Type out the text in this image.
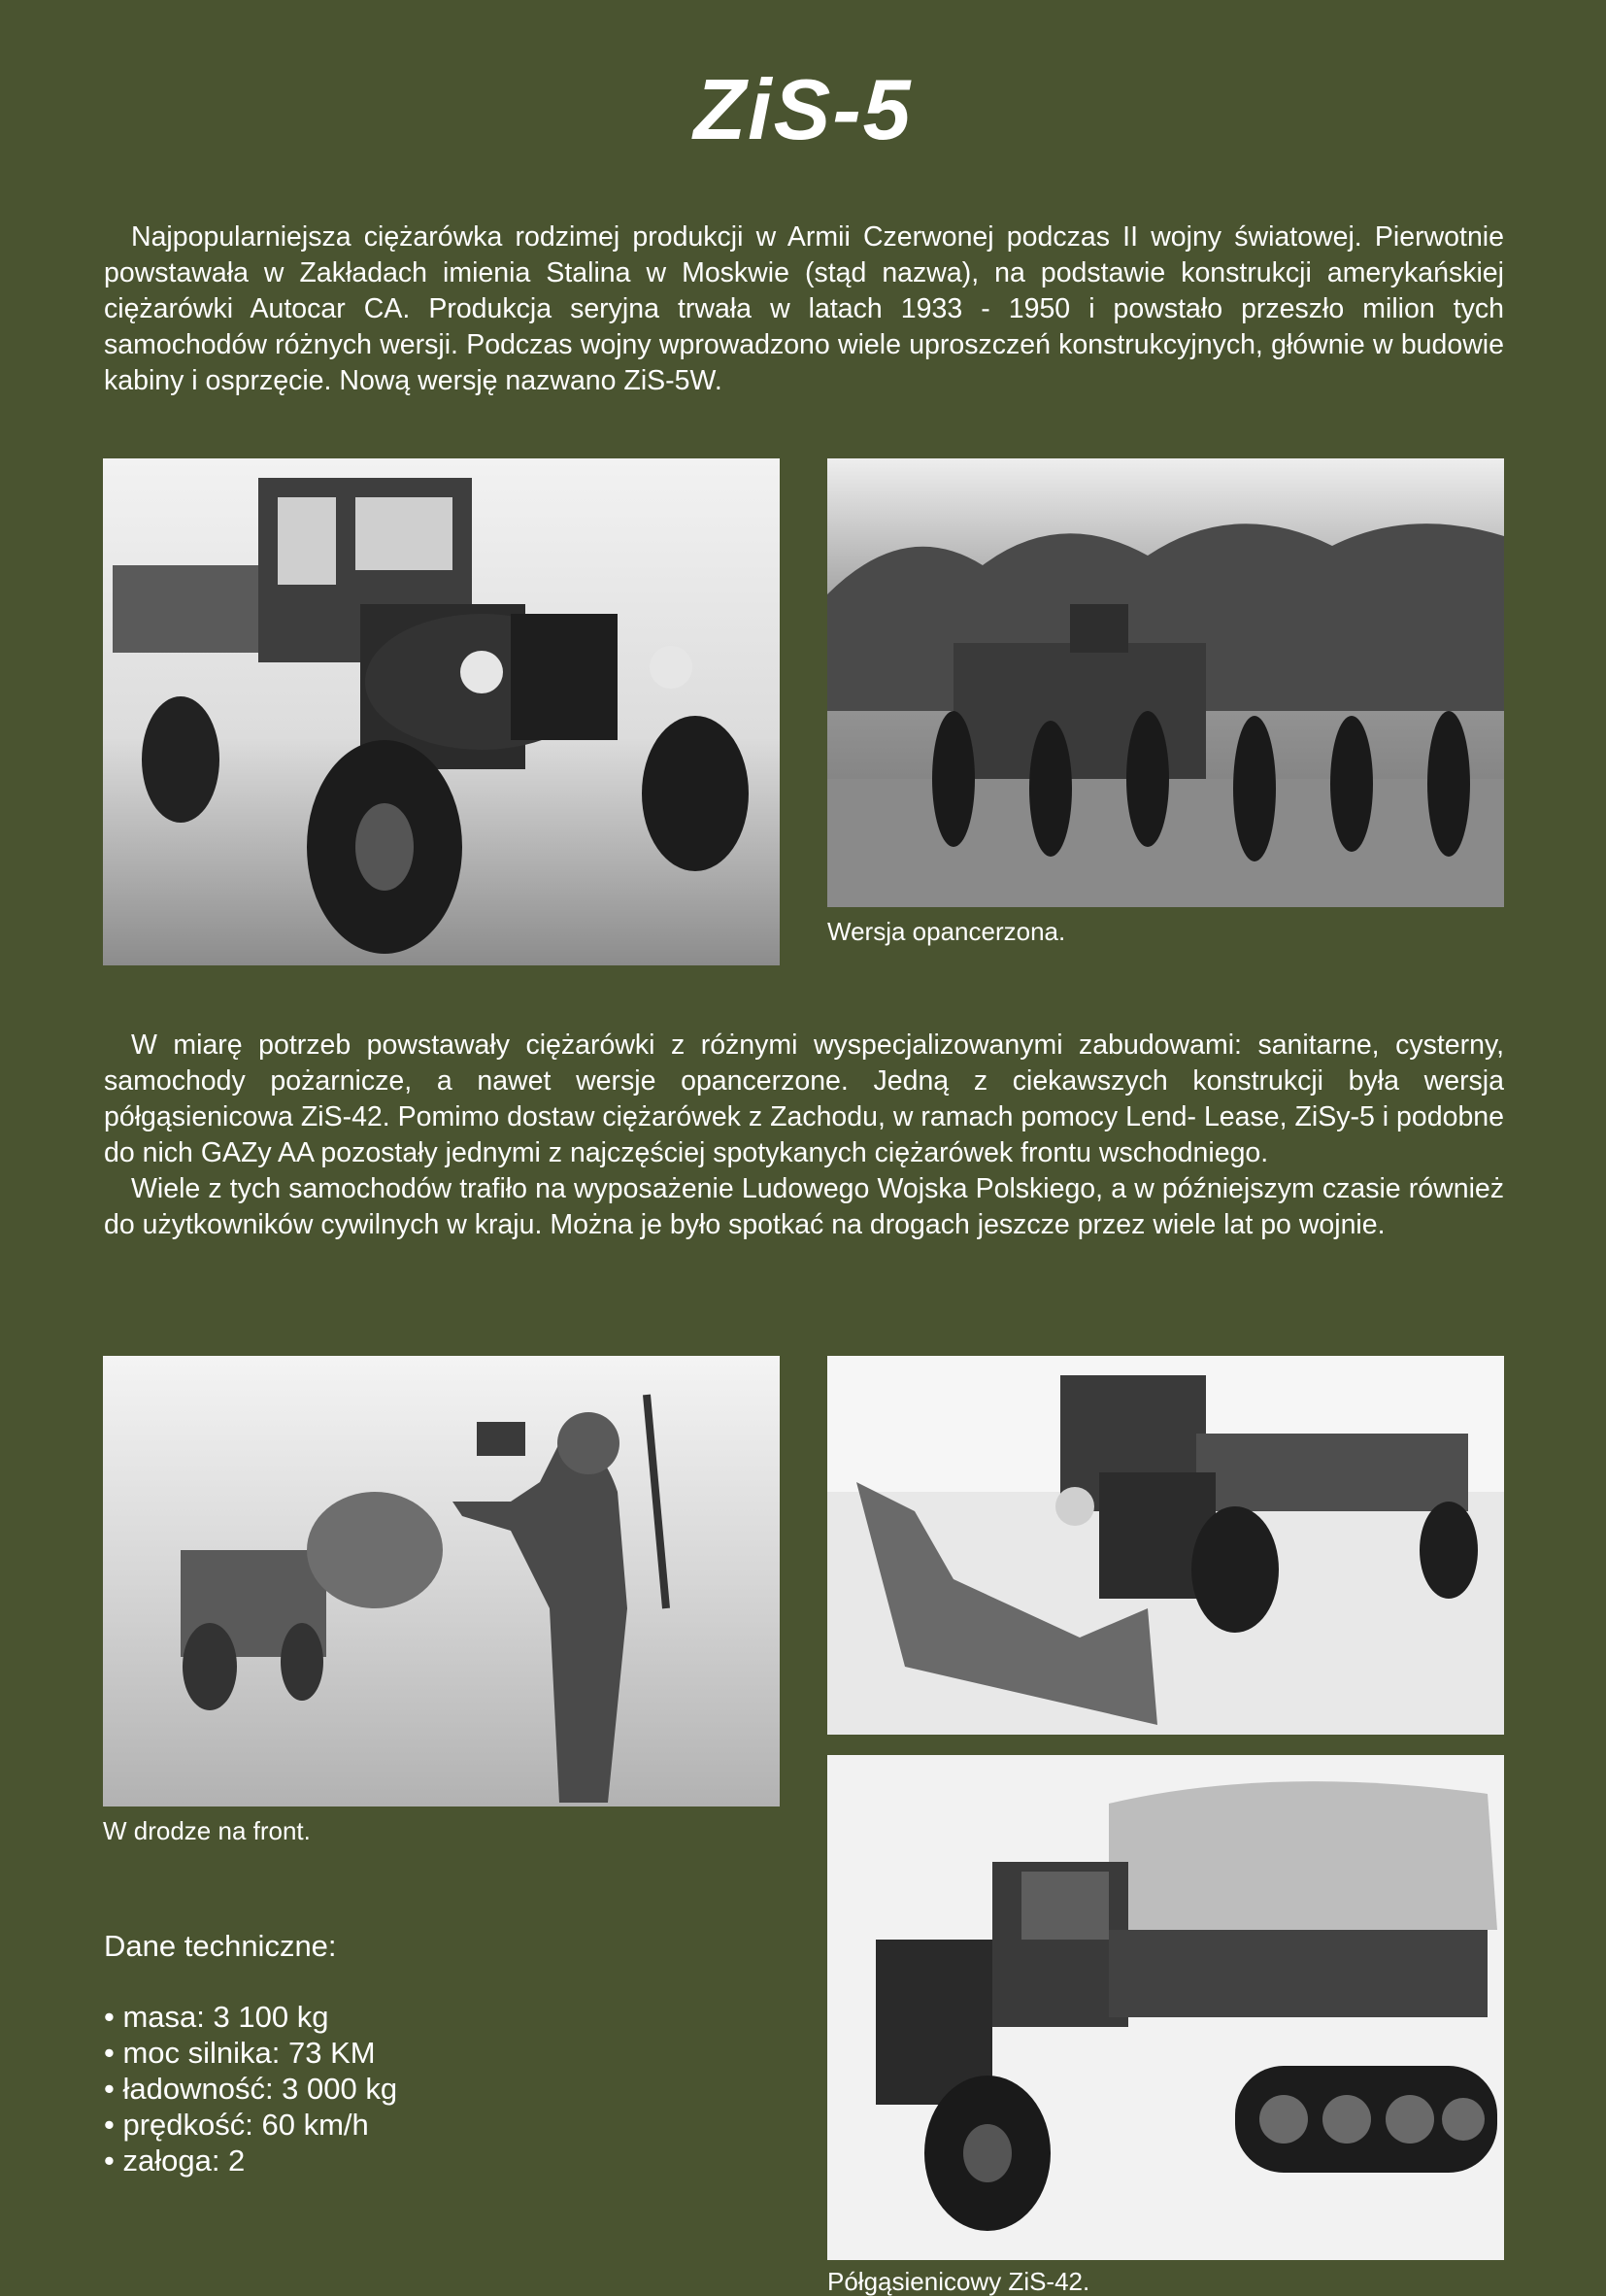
ZiS-5

Najpopularniejsza ciężarówka rodzimej produkcji w Armii Czerwonej podczas II wojny światowej. Pierwotnie powstawała w Zakładach imienia Stalina w Moskwie (stąd nazwa), na podstawie konstrukcji amerykańskiej ciężarówki Autocar CA. Produkcja seryjna trwała w latach 1933 - 1950 i powstało przeszło milion tych samochodów różnych wersji. Podczas wojny wprowadzono wiele uproszczeń konstrukcyjnych, głównie w budowie kabiny i osprzęcie. Nową wersję nazwano ZiS-5W.

Wersja opancerzona.

W miarę potrzeb powstawały ciężarówki z różnymi wyspecjalizowanymi zabudowami: sanitarne, cysterny, samochody pożarnicze, a nawet wersje opancerzone. Jedną z ciekawszych konstrukcji była wersja półgąsienicowa ZiS-42. Pomimo dostaw ciężarówek z Zachodu, w ramach pomocy Lend- Lease, ZiSy-5 i podobne do nich GAZy AA pozostały jednymi z najczęściej spotykanych ciężarówek frontu wschodniego.

Wiele z tych samochodów trafiło na wyposażenie Ludowego Wojska Polskiego, a w późniejszym czasie również do użytkowników cywilnych w kraju. Można je było spotkać na drogach jeszcze przez wiele lat po wojnie.

W drodze na front.
Półgąsienicowy ZiS-42.
Dane techniczne:
• masa: 3 100 kg
• moc silnika: 73 KM
• ładowność: 3 000 kg
• prędkość: 60 km/h
• załoga: 2
